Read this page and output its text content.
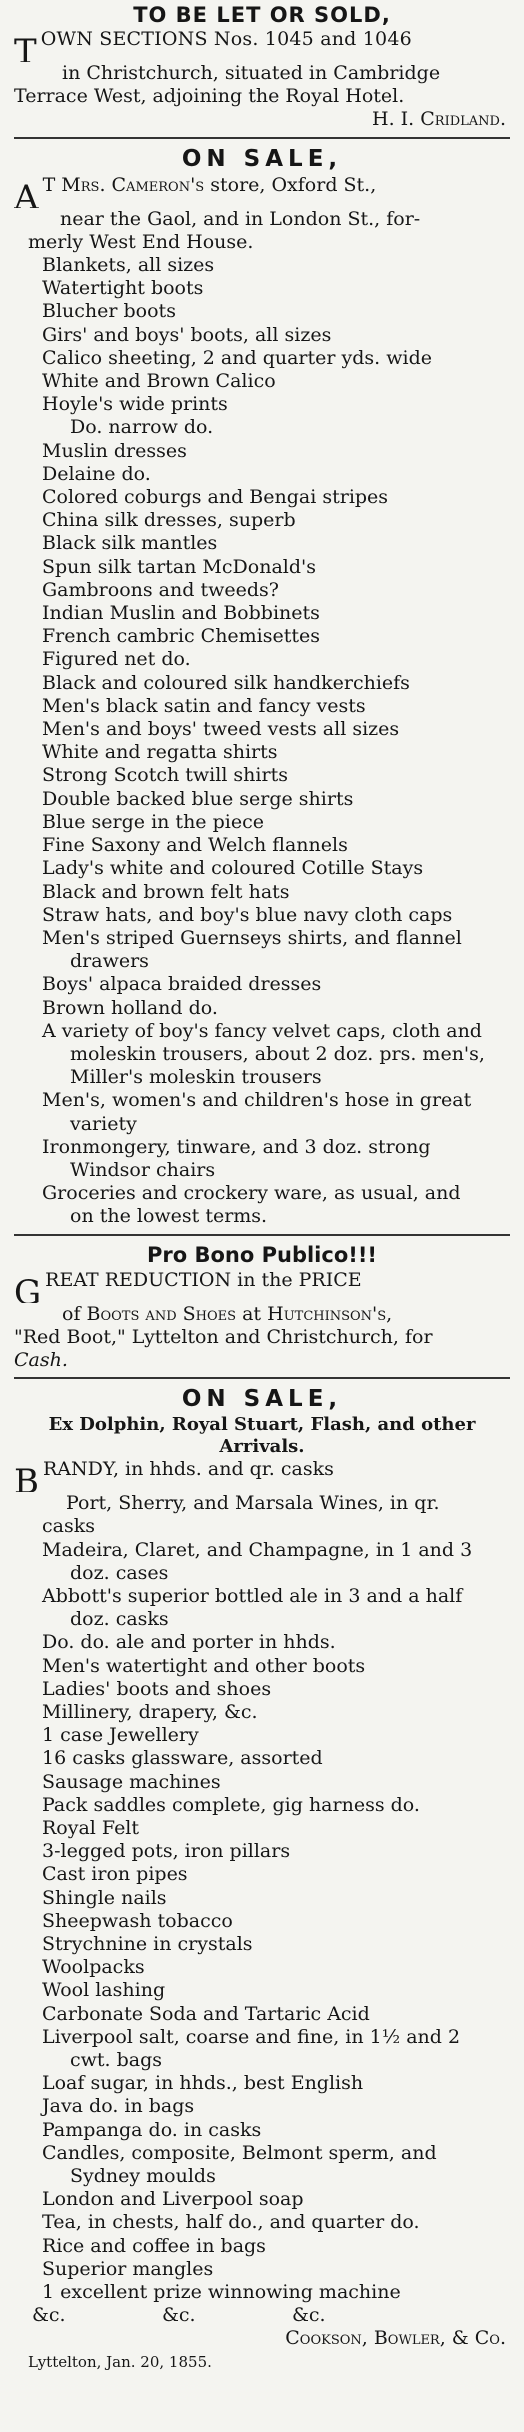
TO BE LET OR SOLD,
T OWN SECTIONS Nos. 1045 and 1046
in Christchurch, situated in Cambridge
Terrace West, adjoining the Royal Hotel.
H. I. Cridland.
ON SALE,
A T Mrs. Cameron's store, Oxford St.,
near the Gaol, and in London St., for-
merly West End House.
Blankets, all sizes
Watertight boots
Blucher boots
Girs' and boys' boots, all sizes
Calico sheeting, 2 and quarter yds. wide
White and Brown Calico
Hoyle's wide prints
Do. narrow do.
Muslin dresses
Delaine do.
Colored coburgs and Bengai stripes
China silk dresses, superb
Black silk mantles
Spun silk tartan McDonald's
Gambroons and tweeds?
Indian Muslin and Bobbinets
French cambric Chemisettes
Figured net do.
Black and coloured silk handkerchiefs
Men's black satin and fancy vests
Men's and boys' tweed vests all sizes
White and regatta shirts
Strong Scotch twill shirts
Double backed blue serge shirts
Blue serge in the piece
Fine Saxony and Welch flannels
Lady's white and coloured Cotille Stays
Black and brown felt hats
Straw hats, and boy's blue navy cloth caps
Men's striped Guernseys shirts, and flannel
drawers
Boys' alpaca braided dresses
Brown holland do.
A variety of boy's fancy velvet caps, cloth and
moleskin trousers, about 2 doz. prs. men's,
Miller's moleskin trousers
Men's, women's and children's hose in great
variety
Ironmongery, tinware, and 3 doz. strong
Windsor chairs
Groceries and crockery ware, as usual, and
on the lowest terms.
Pro Bono Publico!!!
G REAT REDUCTION in the PRICE
of Boots and Shoes at Hutchinson's,
"Red Boot," Lyttelton and Christchurch, for
Cash.
ON SALE,
Ex Dolphin, Royal Stuart, Flash, and other
Arrivals.
B RANDY, in hhds. and qr. casks
Port, Sherry, and Marsala Wines, in qr.
casks
Madeira, Claret, and Champagne, in 1 and 3
doz. cases
Abbott's superior bottled ale in 3 and a half
doz. casks
Do. do. ale and porter in hhds.
Men's watertight and other boots
Ladies' boots and shoes
Millinery, drapery, &c.
1 case Jewellery
16 casks glassware, assorted
Sausage machines
Pack saddles complete, gig harness do.
Royal Felt
3-legged pots, iron pillars
Cast iron pipes
Shingle nails
Sheepwash tobacco
Strychnine in crystals
Woolpacks
Wool lashing
Carbonate Soda and Tartaric Acid
Liverpool salt, coarse and fine, in 1½ and 2
cwt. bags
Loaf sugar, in hhds., best English
Java do. in bags
Pampanga do. in casks
Candles, composite, Belmont sperm, and
Sydney moulds
London and Liverpool soap
Tea, in chests, half do., and quarter do.
Rice and coffee in bags
Superior mangles
1 excellent prize winnowing machine
&c.	&c.	&c.
Cookson, Bowler, & Co.
Lyttelton, Jan. 20, 1855.
